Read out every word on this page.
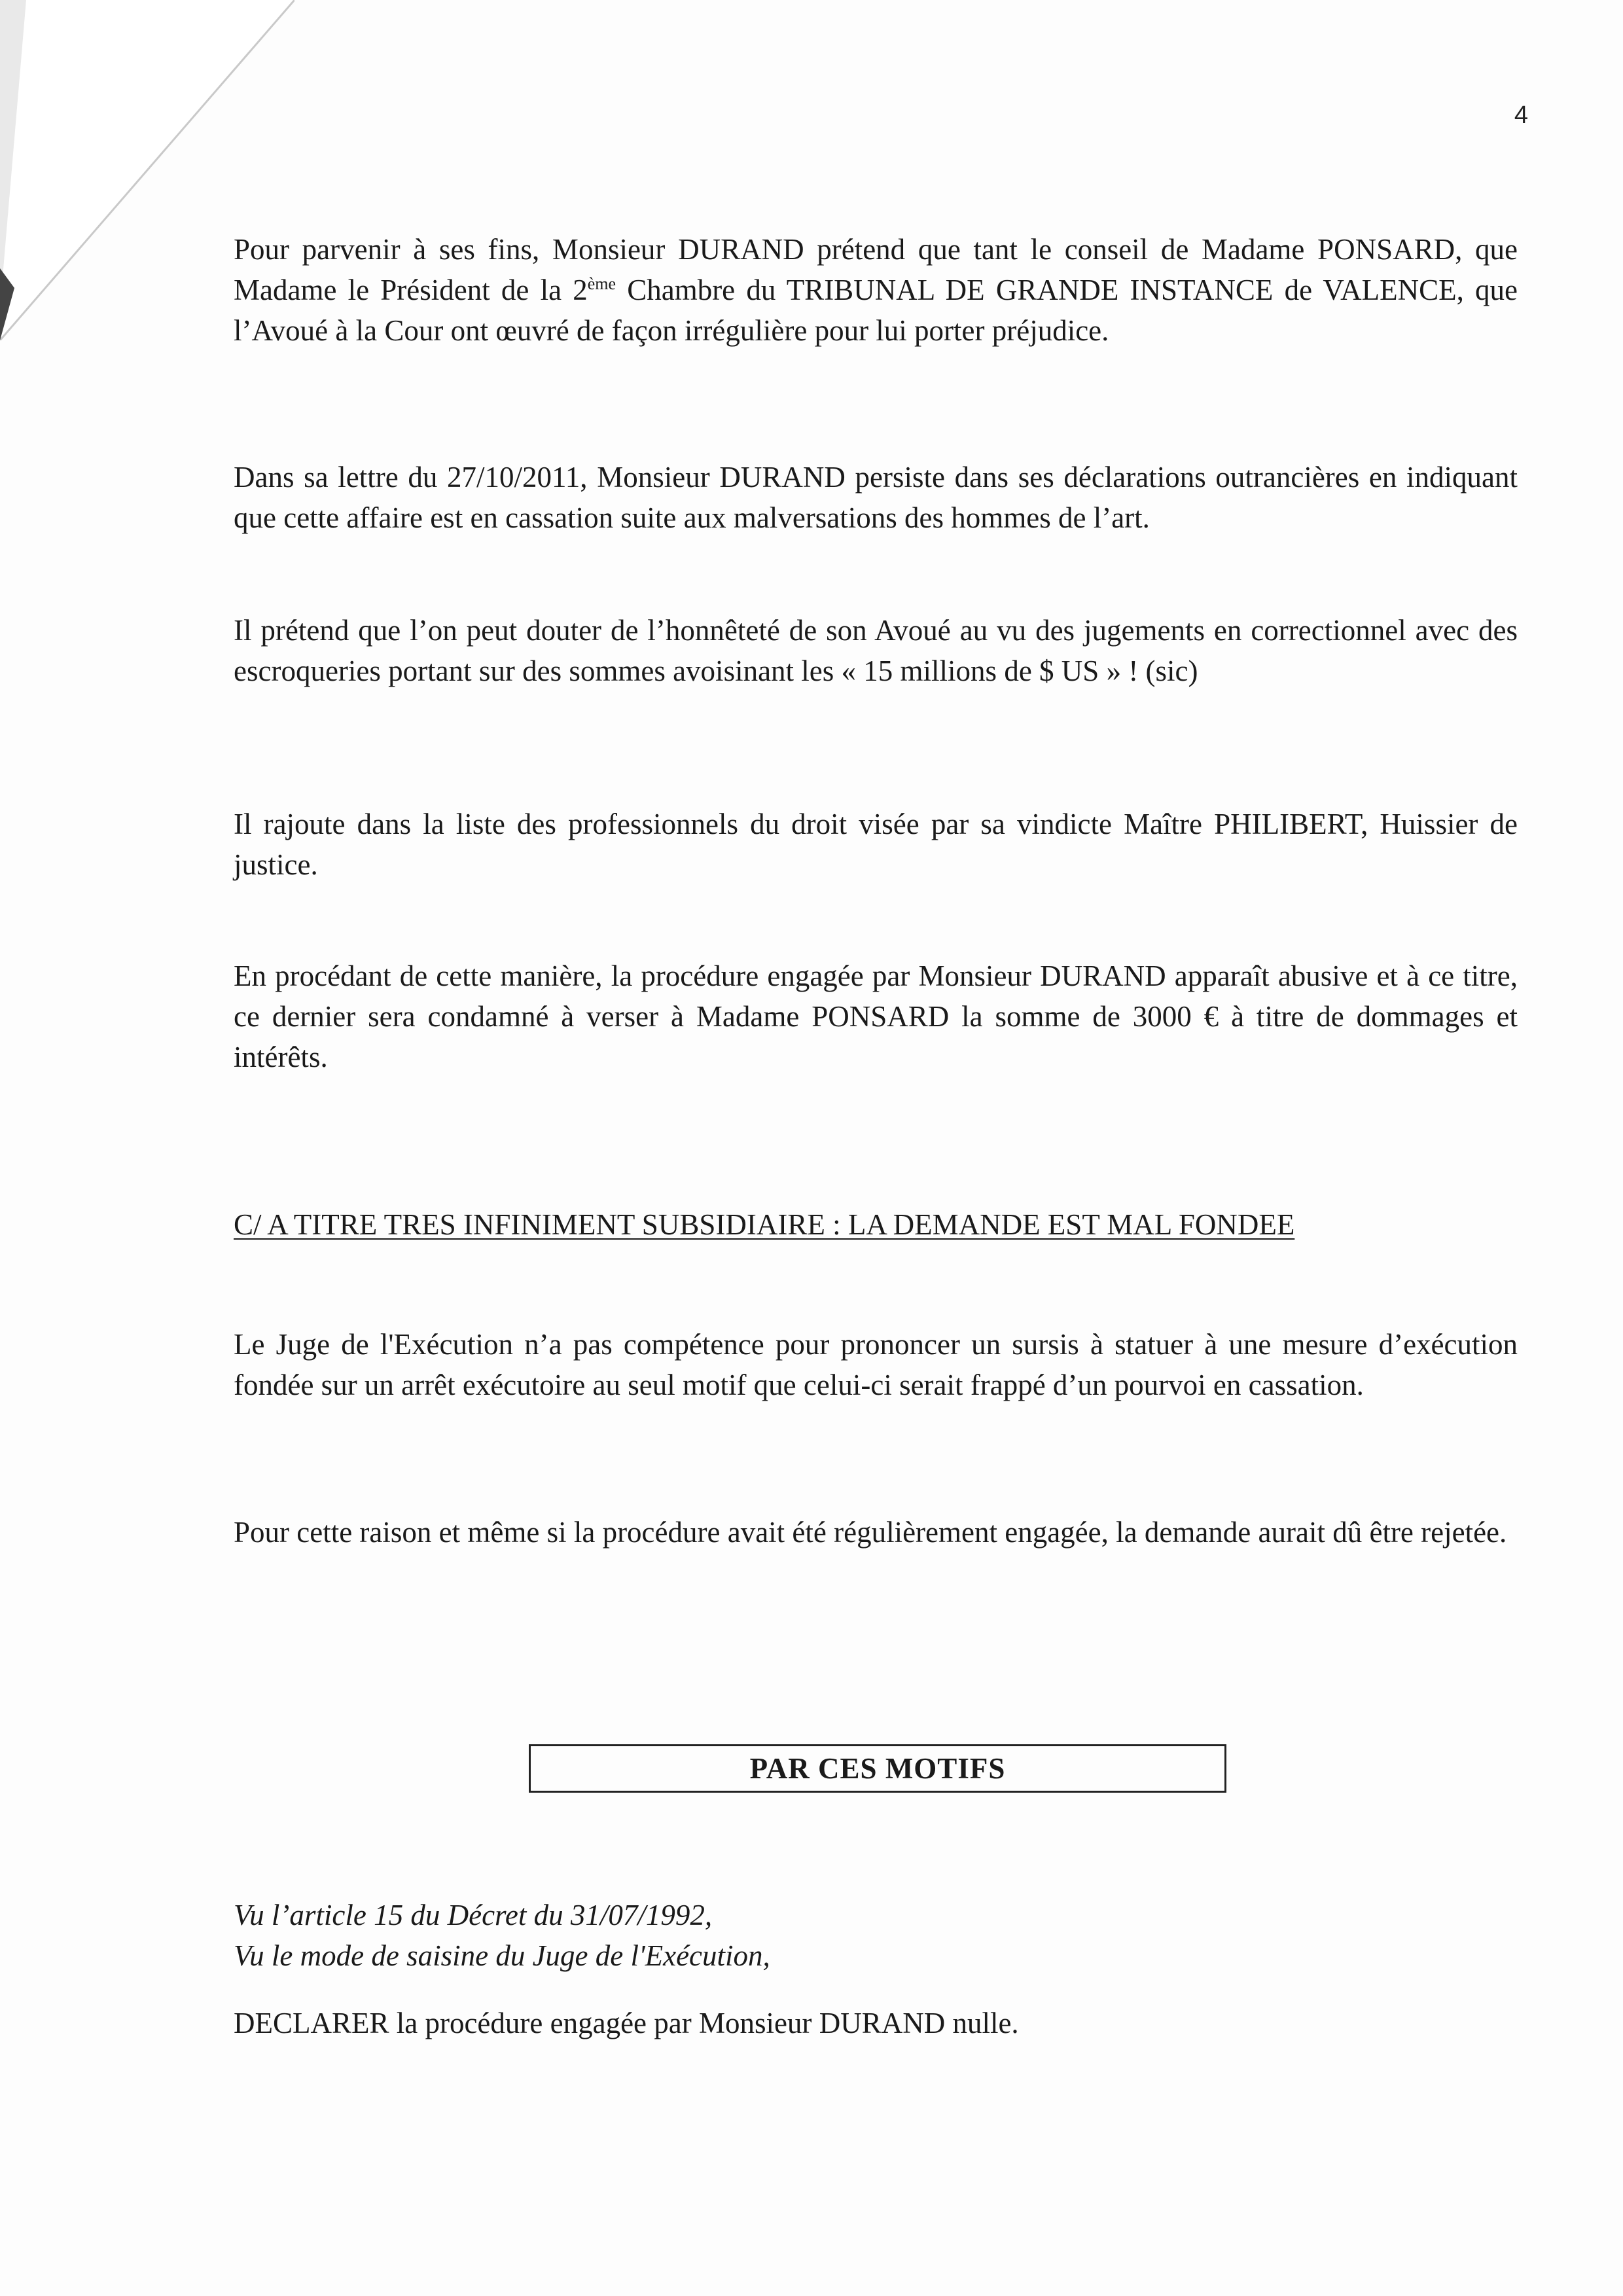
4

Pour parvenir à ses fins, Monsieur DURAND prétend que tant le conseil de Madame PONSARD, que Madame le Président de la 2ème Chambre du TRIBUNAL DE GRANDE INSTANCE de VALENCE, que l’Avoué à la Cour ont œuvré de façon irrégulière pour lui porter préjudice.

Dans sa lettre du 27/10/2011, Monsieur DURAND persiste dans ses déclarations outrancières en indiquant que cette affaire est en cassation suite aux malversations des hommes de l’art.

Il prétend que l’on peut douter de l’honnêteté de son Avoué au vu des jugements en correctionnel avec des escroqueries portant sur des sommes avoisinant les « 15 millions de $ US » ! (sic)

Il rajoute dans la liste des professionnels du droit visée par sa vindicte Maître PHILIBERT, Huissier de justice.

En procédant de cette manière, la procédure engagée par Monsieur DURAND apparaît abusive et à ce titre, ce dernier sera condamné à verser à Madame PONSARD la somme de 3000 € à titre de dommages et intérêts.

C/ A TITRE TRES INFINIMENT SUBSIDIAIRE : LA DEMANDE EST MAL FONDEE

Le Juge de l'Exécution n’a pas compétence pour prononcer un sursis à statuer à une mesure d’exécution fondée sur un arrêt exécutoire au seul motif que celui-ci serait frappé d’un pourvoi en cassation.

Pour cette raison et même si la procédure avait été régulièrement engagée, la demande aurait dû être rejetée.

PAR CES MOTIFS
Vu l’article 15 du Décret du 31/07/1992,
Vu le mode de saisine du Juge de l'Exécution,
DECLARER la procédure engagée par Monsieur DURAND nulle.
